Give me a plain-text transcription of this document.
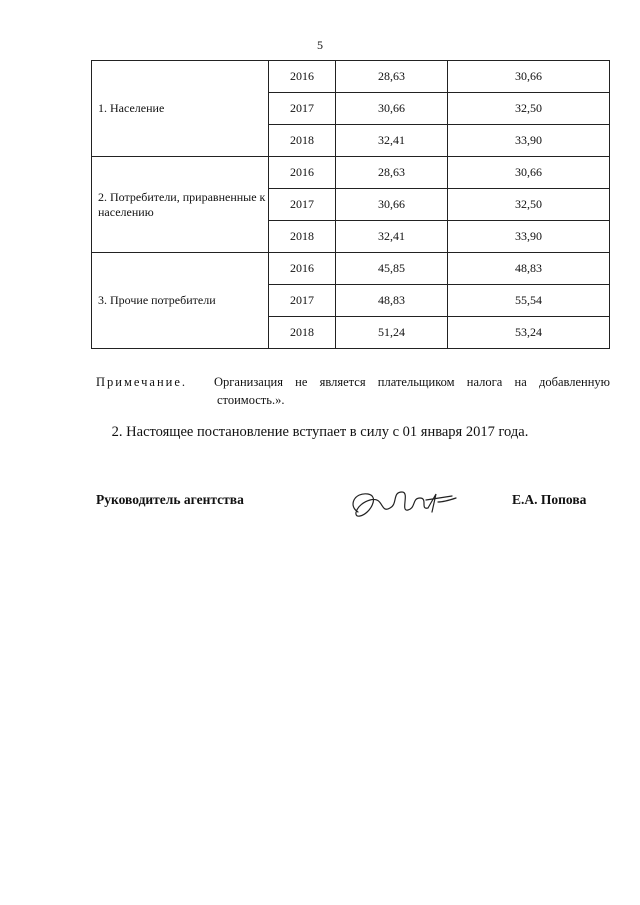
5
1. Население	2016	28,63	30,66
	2017	30,66	32,50
	2018	32,41	33,90
2. Потребители, приравненные к населению	2016	28,63	30,66
	2017	30,66	32,50
	2018	32,41	33,90
3. Прочие потребители	2016	45,85	48,83
	2017	48,83	55,54
	2018	51,24	53,24
Примечание.	Организация не является плательщиком налога на добавленную
стоимость.».
2. Настоящее постановление вступает в силу с 01 января 2017 года.
Руководитель агентства	Е.А. Попова
